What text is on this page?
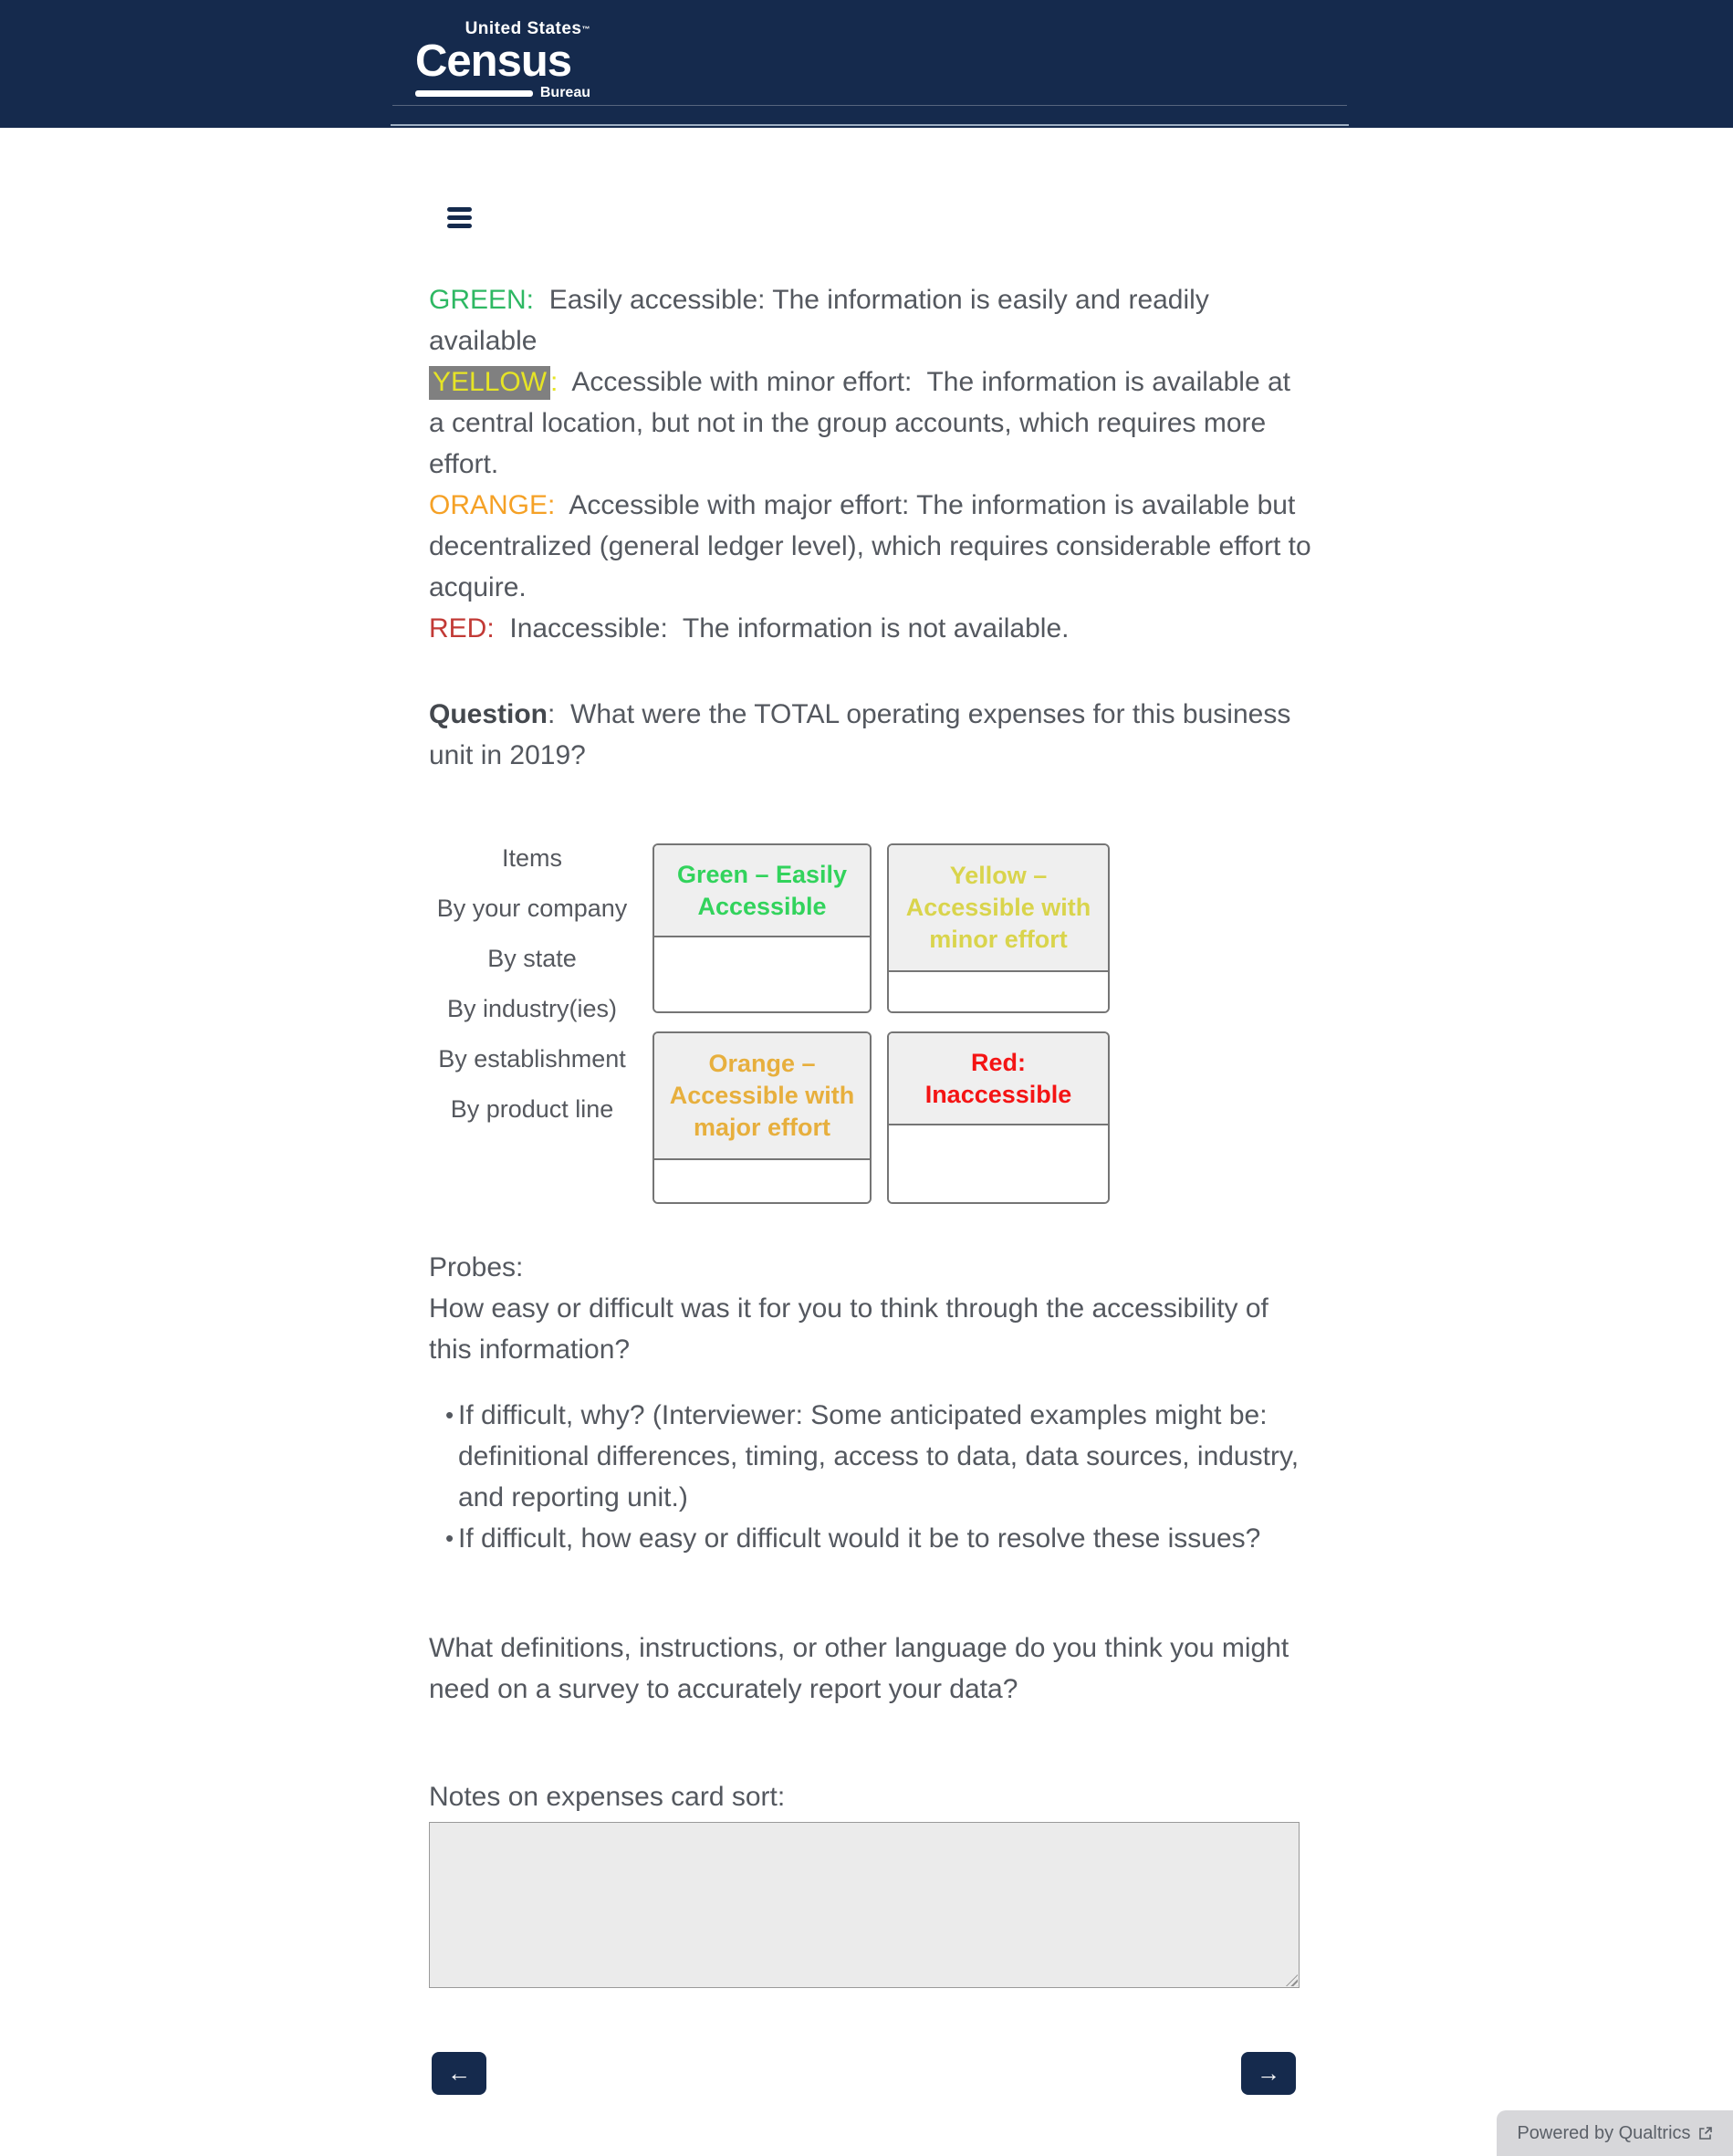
United States™
Census
Bureau

GREEN:  Easily accessible: The information is easily and readily available

YELLOW :  Accessible with minor effort:  The information is available at a central location, but not in the group accounts, which requires more effort.

ORANGE:  Accessible with major effort: The information is available but decentralized (general ledger level), which requires considerable effort to acquire.

RED:  Inaccessible:  The information is not available.

Question:  What were the TOTAL operating expenses for this business unit in 2019?

Items
By your company
By state
By industry(ies)
By establishment
By product line
Green – Easily Accessible
Yellow – Accessible with minor effort
Orange – Accessible with major effort
Red: Inaccessible

Probes:

How easy or difficult was it for you to think through the accessibility of this information?

• If difficult, why? (Interviewer: Some anticipated examples might be: definitional differences, timing, access to data, data sources, industry, and reporting unit.)
• If difficult, how easy or difficult would it be to resolve these issues?

What definitions, instructions, or other language do you think you might need on a survey to accurately report your data?

Notes on expenses card sort:

←	→
Powered by Qualtrics
